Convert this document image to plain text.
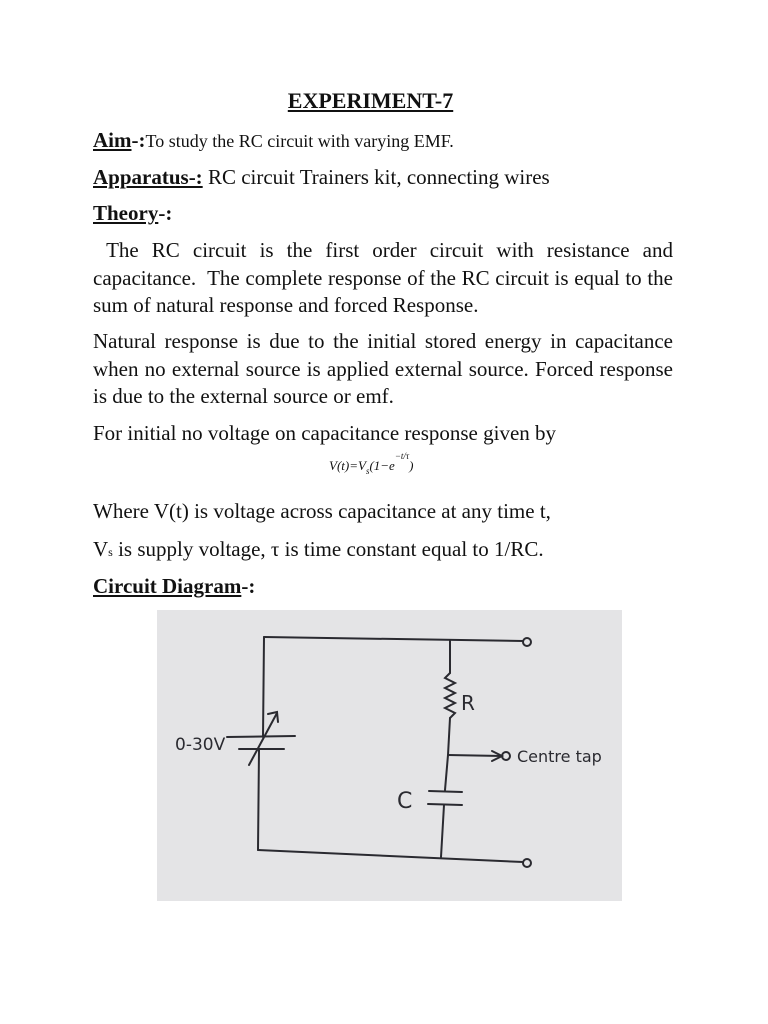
EXPERIMENT-7
Aim-:To study the RC circuit with varying EMF.
Apparatus-: RC circuit Trainers kit, connecting wires
Theory-:
The RC circuit is the first order circuit with resistance and capacitance.  The complete response of the RC circuit is equal to the sum of natural response and forced Response.
Natural response is due to the initial stored energy in capacitance when no external source is applied external source. Forced response is due to the external source or emf.
For initial no voltage on capacitance response given by
$V(t)=V_s(1-e^{-t/\tau})$
Where V(t) is voltage across capacitance at any time t,
Vs is supply voltage, τ is time constant equal to 1/RC.
Circuit Diagram-:
0-30V
R
C
Centre tap
